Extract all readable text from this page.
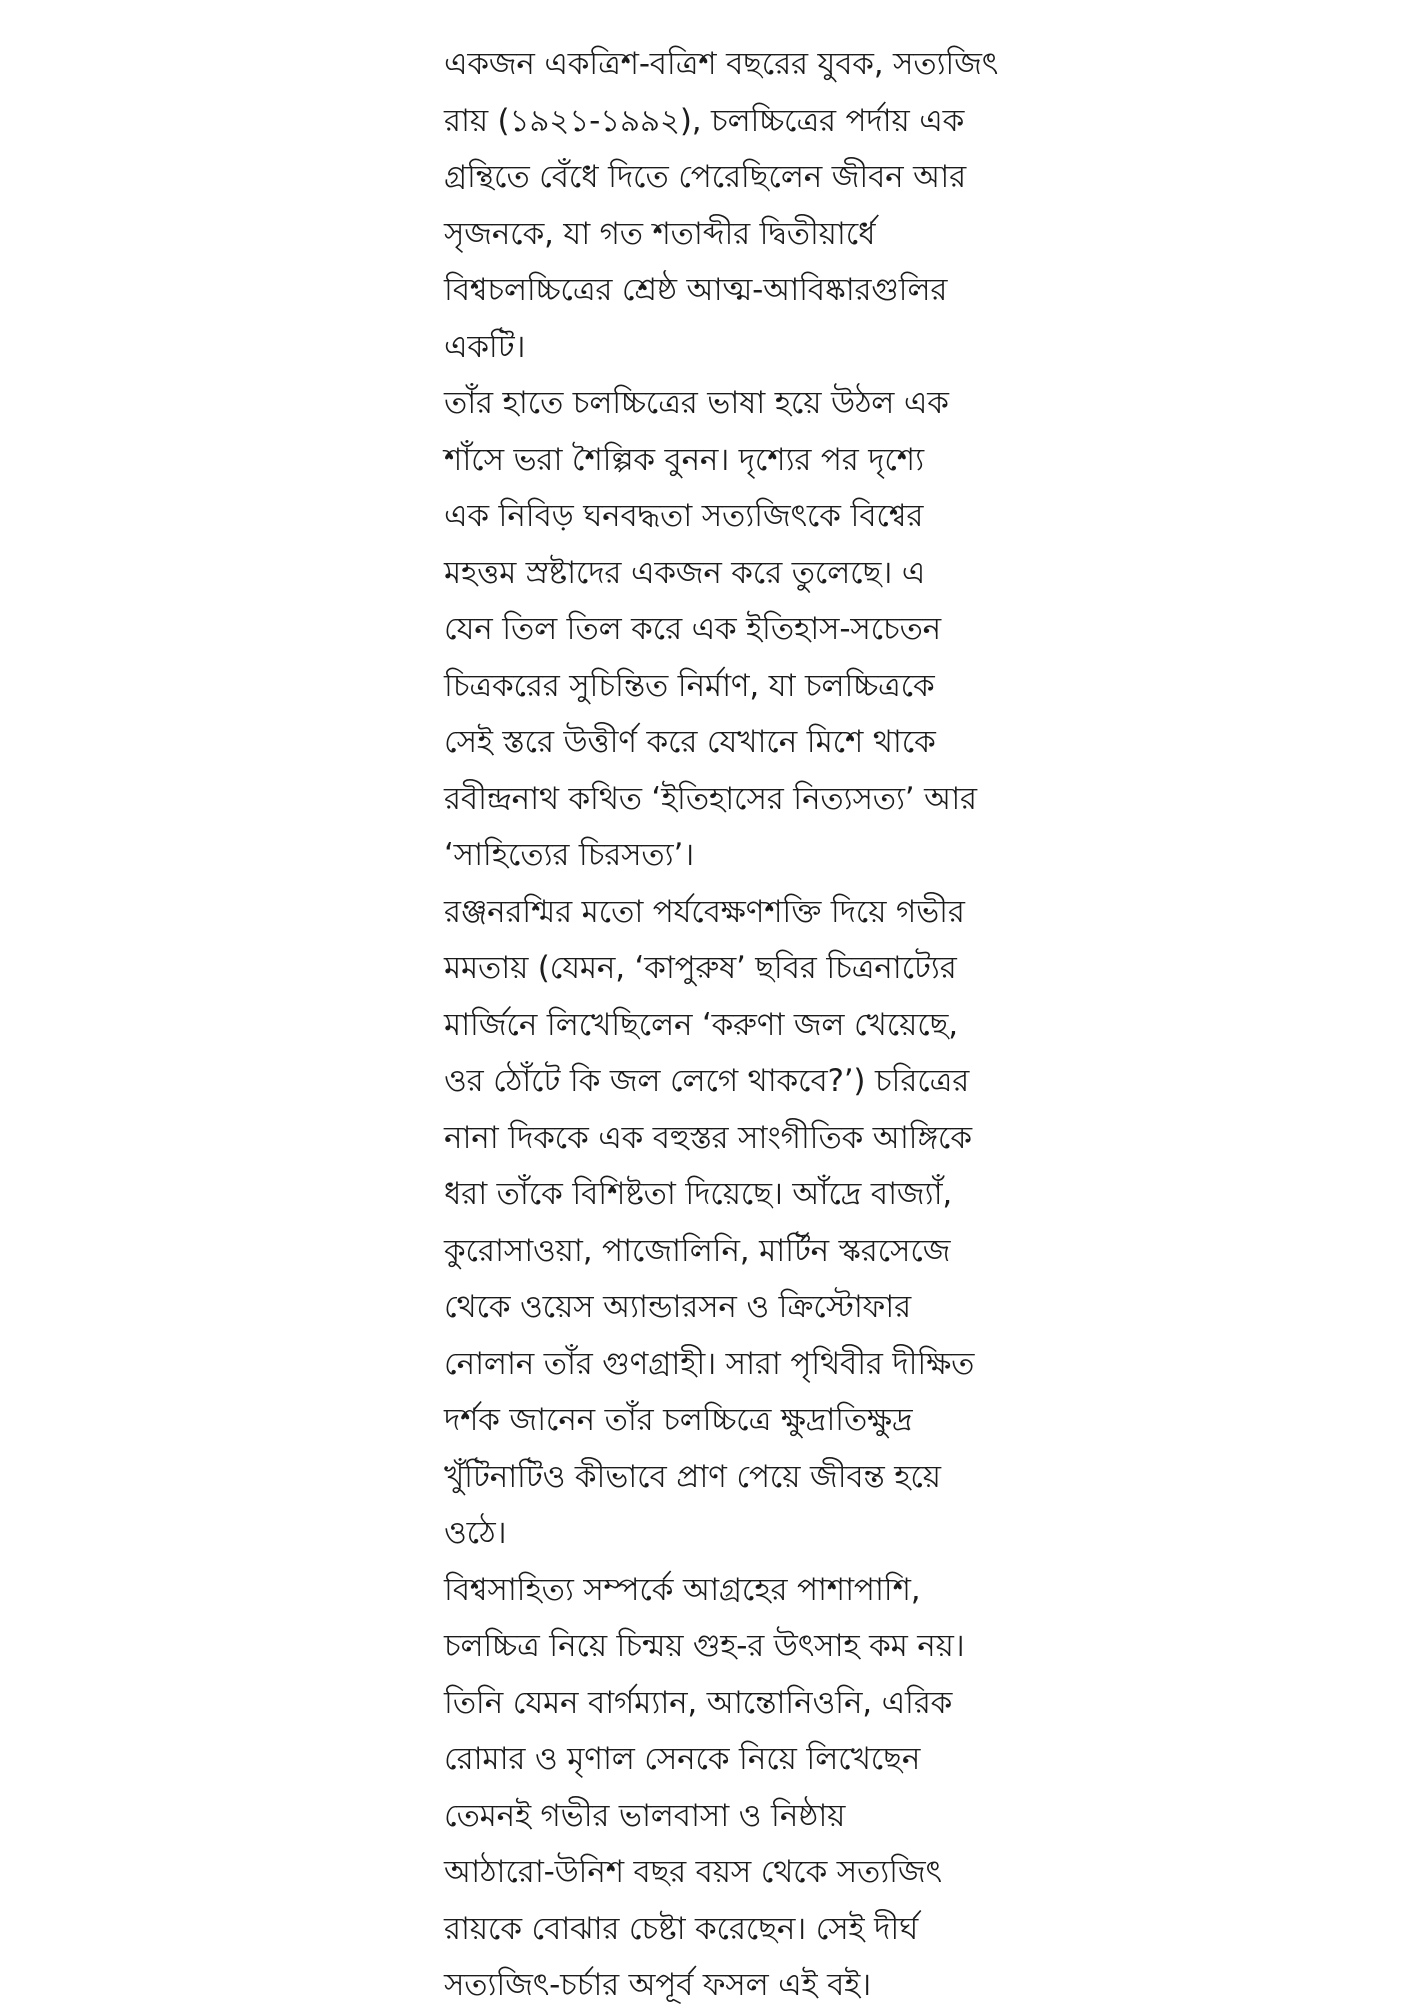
একজন একত্রিশ-বত্রিশ বছরের যুবক, সত্যজিৎ
রায় (১৯২১-১৯৯২), চলচ্চিত্রের পর্দায় এক
গ্রন্থিতে বেঁধে দিতে পেরেছিলেন জীবন আর
সৃজনকে, যা গত শতাব্দীর দ্বিতীয়ার্ধে
বিশ্বচলচ্চিত্রের শ্রেষ্ঠ আত্ম-আবিষ্কারগুলির
একটি।
তাঁর হাতে চলচ্চিত্রের ভাষা হয়ে উঠল এক
শাঁসে ভরা শৈল্পিক বুনন। দৃশ্যের পর দৃশ্যে
এক নিবিড় ঘনবদ্ধতা সত্যজিৎকে বিশ্বের
মহত্তম স্রষ্টাদের একজন করে তুলেছে। এ
যেন তিল তিল করে এক ইতিহাস-সচেতন
চিত্রকরের সুচিন্তিত নির্মাণ, যা চলচ্চিত্রকে
সেই স্তরে উত্তীর্ণ করে যেখানে মিশে থাকে
রবীন্দ্রনাথ কথিত ‘ইতিহাসের নিত্যসত্য’ আর
‘সাহিত্যের চিরসত্য’।
রঞ্জনরশ্মির মতো পর্যবেক্ষণশক্তি দিয়ে গভীর
মমতায় (যেমন, ‘কাপুরুষ’ ছবির চিত্রনাট্যের
মার্জিনে লিখেছিলেন ‘করুণা জল খেয়েছে,
ওর ঠোঁটে কি জল লেগে থাকবে?’) চরিত্রের
নানা দিককে এক বহুস্তর সাংগীতিক আঙ্গিকে
ধরা তাঁকে বিশিষ্টতা দিয়েছে। আঁদ্রে বাজ্যাঁ,
কুরোসাওয়া, পাজোলিনি, মার্টিন স্করসেজে
থেকে ওয়েস অ্যান্ডারসন ও ক্রিস্টোফার
নোলান তাঁর গুণগ্রাহী। সারা পৃথিবীর দীক্ষিত
দর্শক জানেন তাঁর চলচ্চিত্রে ক্ষুদ্রাতিক্ষুদ্র
খুঁটিনাটিও কীভাবে প্রাণ পেয়ে জীবন্ত হয়ে
ওঠে।
বিশ্বসাহিত্য সম্পর্কে আগ্রহের পাশাপাশি,
চলচ্চিত্র নিয়ে চিন্ময় গুহ-র উৎসাহ কম নয়।
তিনি যেমন বার্গম্যান, আন্তোনিওনি, এরিক
রোমার ও মৃণাল সেনকে নিয়ে লিখেছেন
তেমনই গভীর ভালবাসা ও নিষ্ঠায়
আঠারো-উনিশ বছর বয়স থেকে সত্যজিৎ
রায়কে বোঝার চেষ্টা করেছেন। সেই দীর্ঘ
সত্যজিৎ-চর্চার অপূর্ব ফসল এই বই।
